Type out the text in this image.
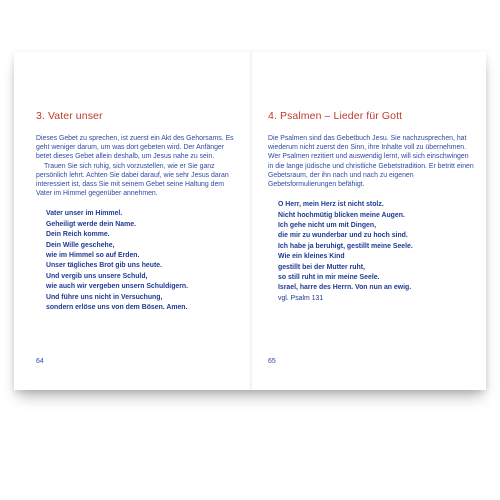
3. Vater unser

Dieses Gebet zu sprechen, ist zuerst ein Akt des Gehorsams. Es geht weniger darum, um was dort gebeten wird. Der Anfänger betet dieses Gebet allein deshalb, um Jesus nahe zu sein.

Trauen Sie sich ruhig, sich vorzustellen, wie er Sie ganz persönlich lehrt. Achten Sie dabei darauf, wie sehr Jesus daran interessiert ist, dass Sie mit seinem Gebet seine Haltung dem Vater im Himmel gegenüber annehmen.

Vater unser im Himmel.
Geheiligt werde dein Name.
Dein Reich komme.
Dein Wille geschehe,
wie im Himmel so auf Erden.
Unser tägliches Brot gib uns heute.
Und vergib uns unsere Schuld,
wie auch wir vergeben unsern Schuldigern.
Und führe uns nicht in Versuchung,
sondern erlöse uns von dem Bösen. Amen.
64
4. Psalmen – Lieder für Gott

Die Psalmen sind das Gebetbuch Jesu. Sie nachzusprechen, hat wiederum nicht zuerst den Sinn, ihre Inhalte voll zu übernehmen. Wer Psalmen rezitiert und auswendig lernt, will sich einschwingen in die lange jüdische und christliche Gebetstradition. Er betritt einen Gebetsraum, der ihn nach und nach zu eigenen Gebetsformulierungen befähigt.

O Herr, mein Herz ist nicht stolz.
Nicht hochmütig blicken meine Augen.
Ich gehe nicht um mit Dingen,
die mir zu wunderbar und zu hoch sind.
Ich habe ja beruhigt, gestillt meine Seele.
Wie ein kleines Kind
gestillt bei der Mutter ruht,
so still ruht in mir meine Seele.
Israel, harre des Herrn. Von nun an ewig.
vgl. Psalm 131
65
